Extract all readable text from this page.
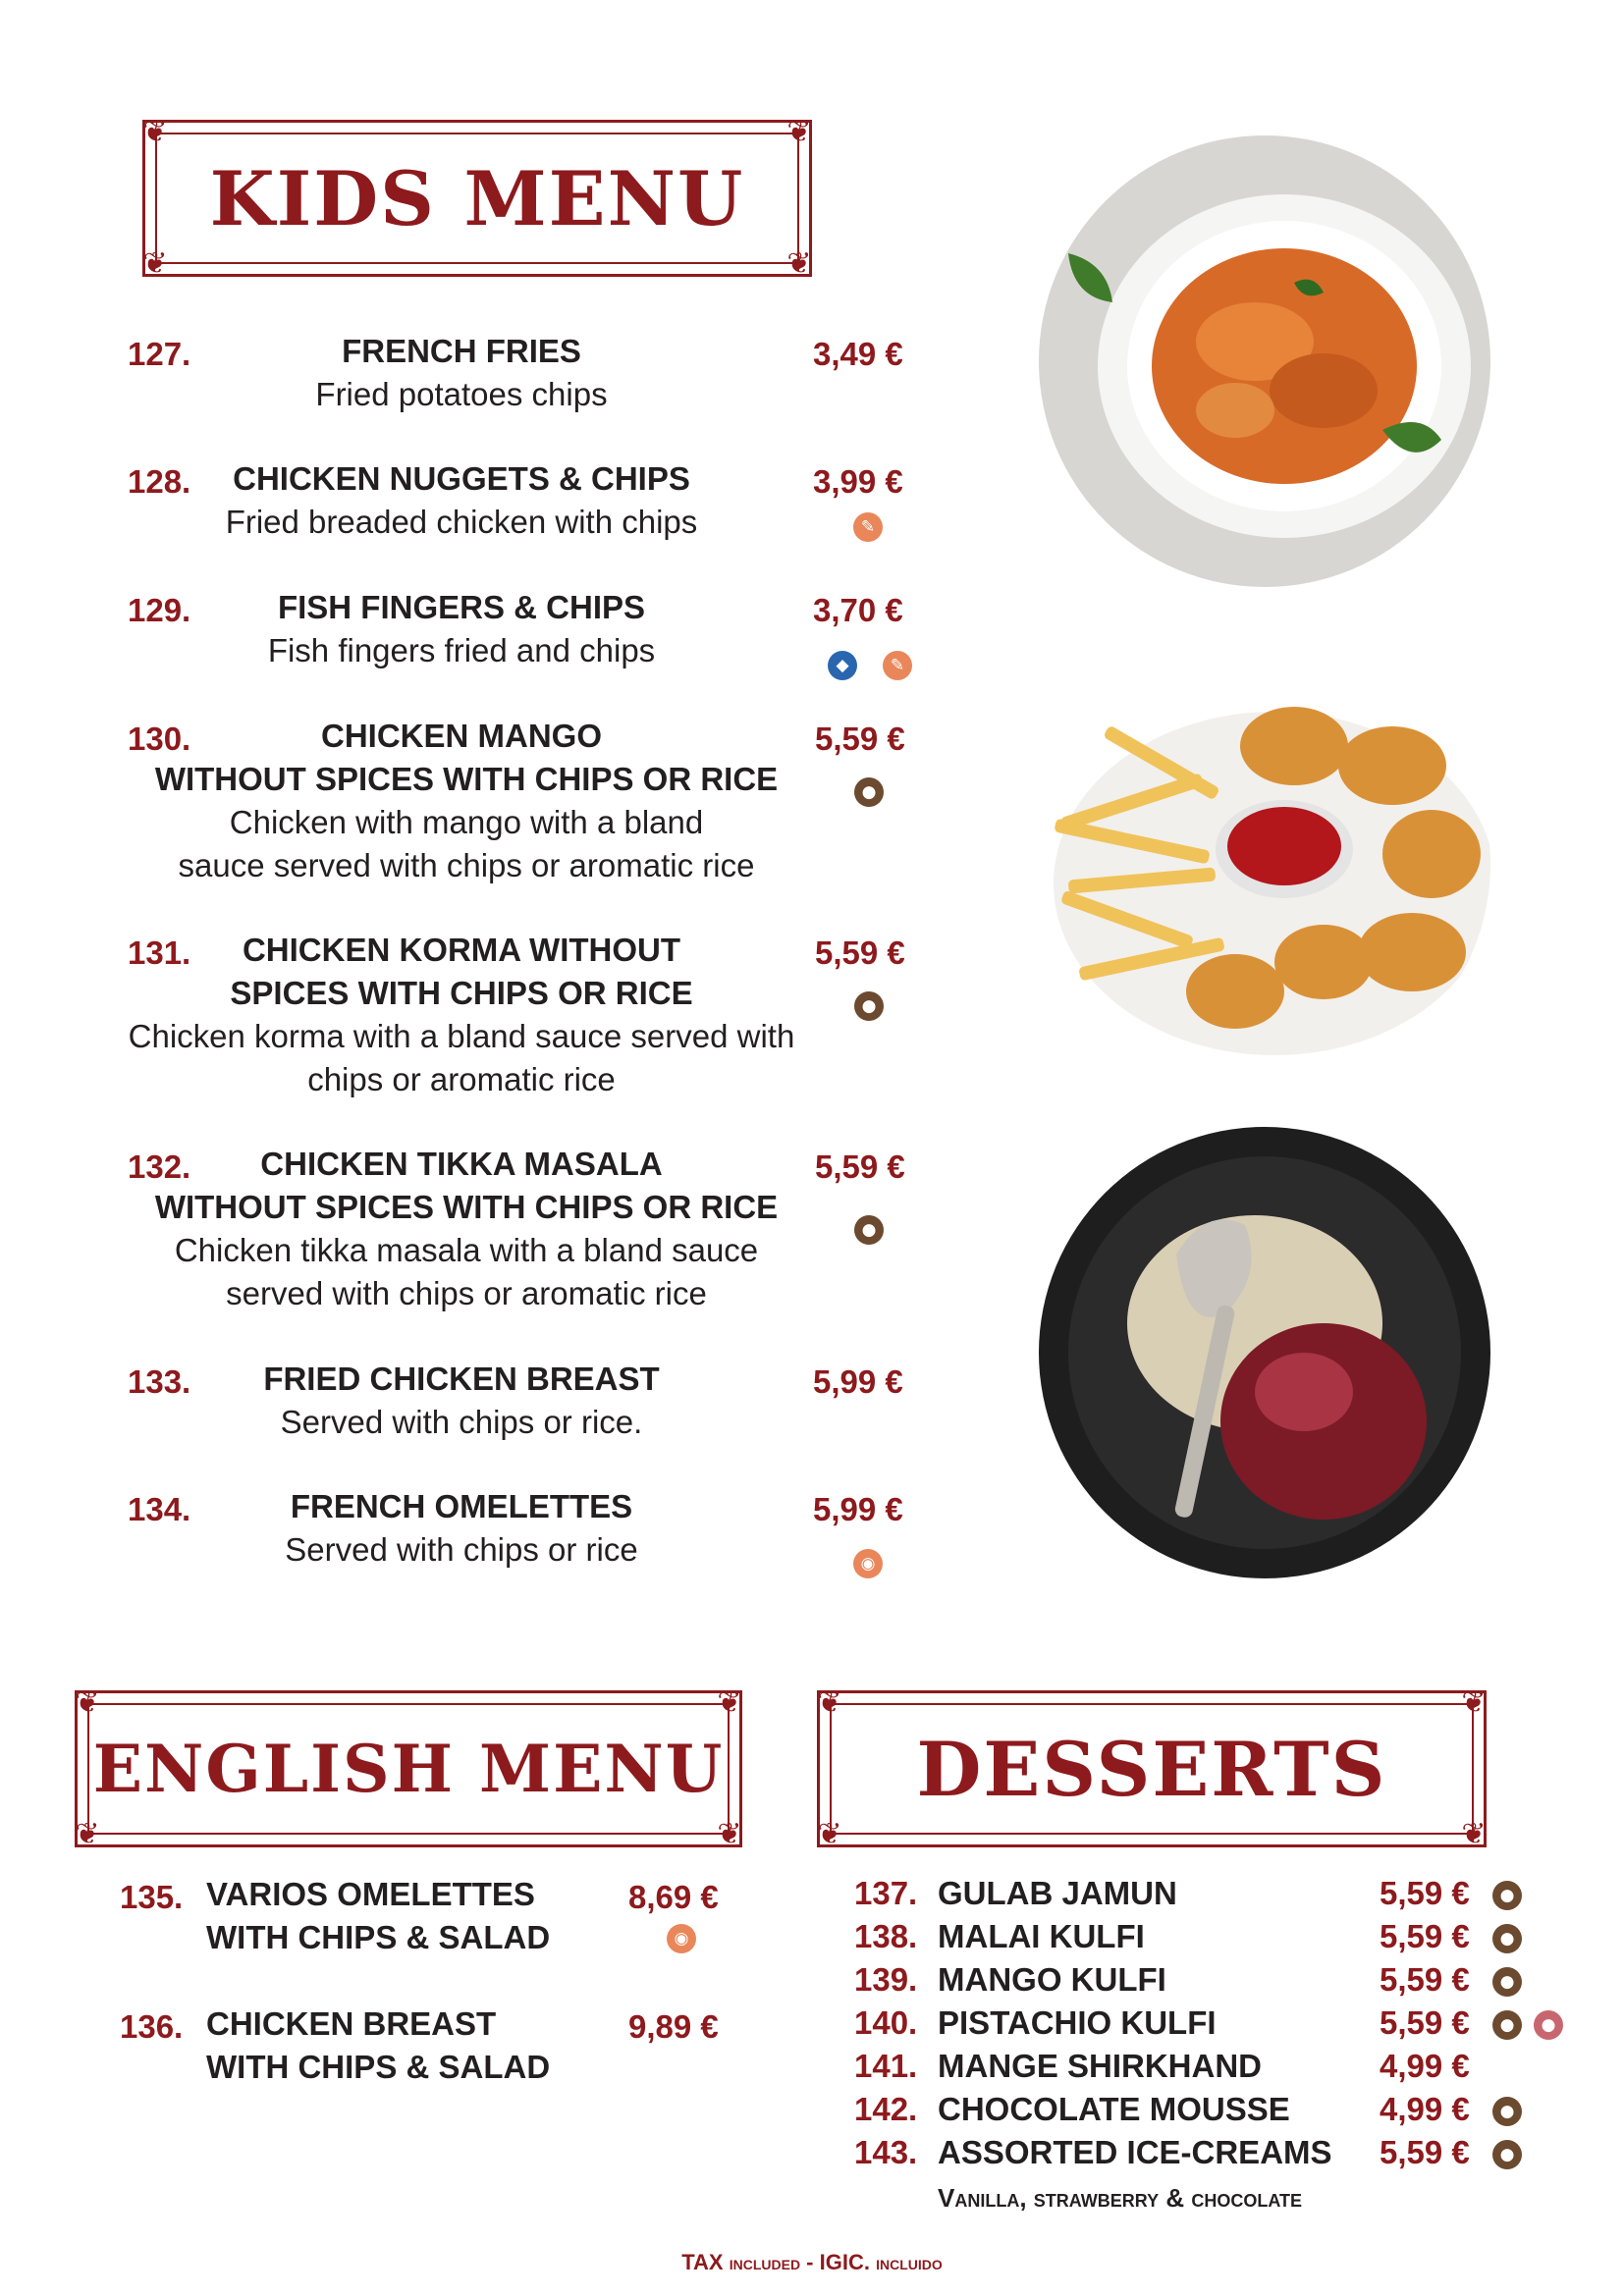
❦	❦
❦	❦
KIDS MENU
127.	FRENCH FRIES
Fried potatoes chips
3,49 €
128.	CHICKEN NUGGETS & CHIPS
Fried breaded chicken with chips
3,99 €
✎
129.	FISH FINGERS & CHIPS
Fish fingers fried and chips
3,70 €
◆	✎
130.	CHICKEN MANGO
WITHOUT SPICES WITH CHIPS OR RICE
Chicken with mango with a bland
sauce served with chips or aromatic rice
5,59 €
●
131.	CHICKEN KORMA WITHOUT
SPICES WITH CHIPS OR RICE
Chicken korma with a bland sauce served with
chips or aromatic rice
5,59 €
●
132.	CHICKEN TIKKA MASALA
WITHOUT SPICES WITH CHIPS OR RICE
Chicken tikka masala with a bland sauce
served with chips or aromatic rice
5,59 €
●
133.	FRIED CHICKEN BREAST
Served with chips or rice.
5,99 €
134.	FRENCH OMELETTES
Served with chips or rice
5,99 €
◉
❦	❦
❦	❦
ENGLISH MENU
❦	❦
❦	❦
DESSERTS
135. VARIOS OMELETTES
WITH CHIPS & SALAD
8,69 €
◉
136. CHICKEN BREAST
WITH CHIPS & SALAD
9,89 €
137. GULAB JAMUN	5,59 €	●
138. MALAI KULFI	5,59 €	●
139. MANGO KULFI	5,59 €	●
140. PISTACHIO KULFI	5,59 €	●	●
141. MANGE SHIRKHAND	4,99 €
142. CHOCOLATE MOUSSE	4,99 €	●
143. ASSORTED ICE-CREAMS 5,59 €	●
Vanilla, strawberry & chocolate
TAX included - IGIC. incluido
